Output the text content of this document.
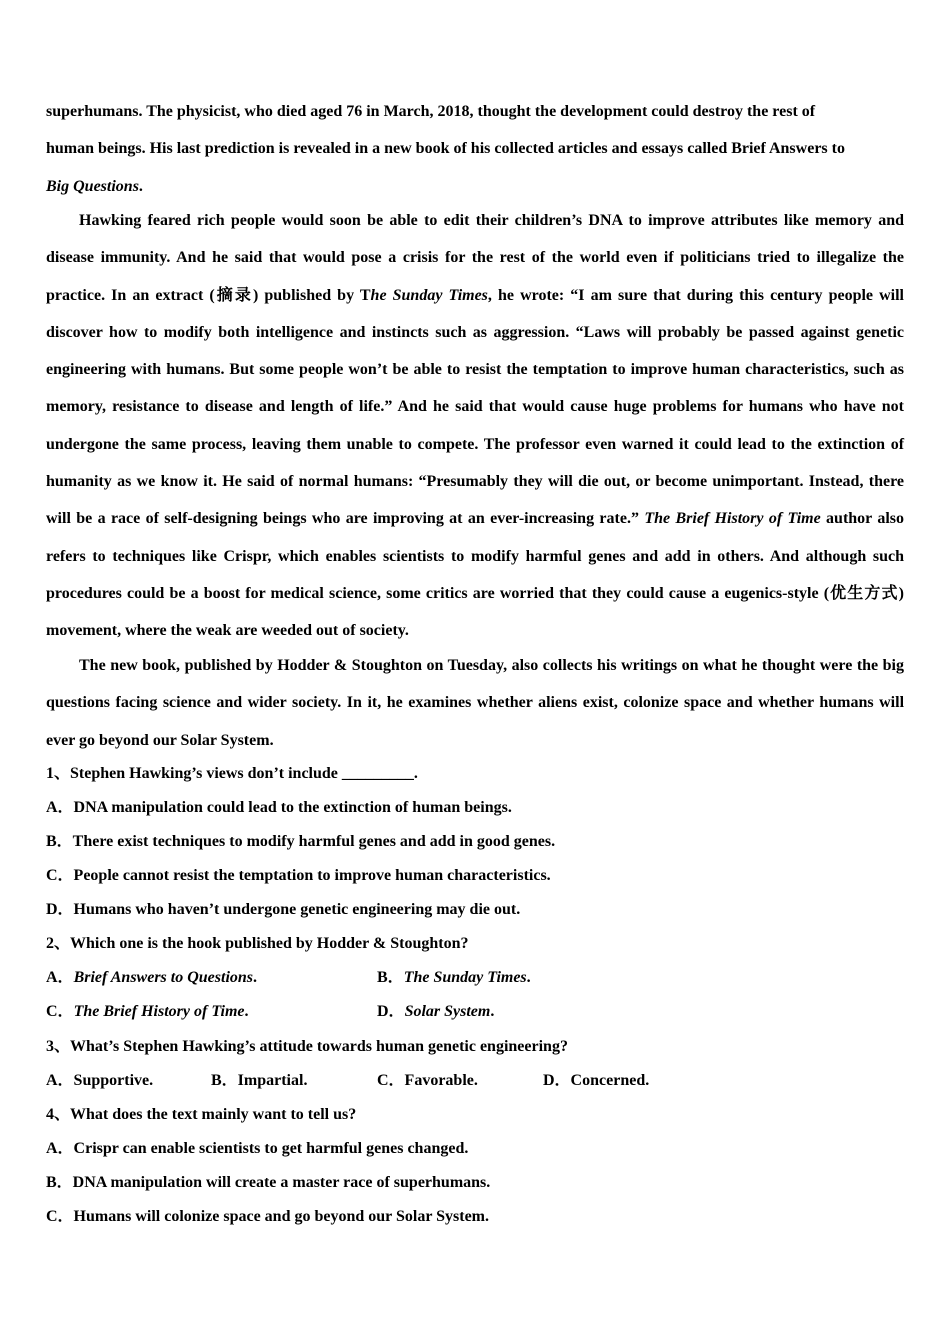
superhumans. The physicist, who died aged 76 in March, 2018, thought the development could destroy the rest of
human beings. His last prediction is revealed in a new book of his collected articles and essays called Brief Answers to
Big Questions.

Hawking feared rich people would soon be able to edit their children’s DNA to improve attributes like memory and disease immunity. And he said that would pose a crisis for the rest of the world even if politicians tried to illegalize the practice. In an extract (摘录) published by The Sunday Times, he wrote: “I am sure that during this century people will discover how to modify both intelligence and instincts such as aggression. “Laws will probably be passed against genetic engineering with humans. But some people won’t be able to resist the temptation to improve human characteristics, such as memory, resistance to disease and length of life.” And he said that would cause huge problems for humans who have not undergone the same process, leaving them unable to compete. The professor even warned it could lead to the extinction of humanity as we know it. He said of normal humans: “Presumably they will die out, or become unimportant. Instead, there will be a race of self-designing beings who are improving at an ever-increasing rate.” The Brief History of Time author also refers to techniques like Crispr, which enables scientists to modify harmful genes and add in others. And although such procedures could be a boost for medical science, some critics are worried that they could cause a eugenics-style (优生方式) movement, where the weak are weeded out of society.

The new book, published by Hodder & Stoughton on Tuesday, also collects his writings on what he thought were the big questions facing science and wider society. In it, he examines whether aliens exist, colonize space and whether humans will ever go beyond our Solar System.

1、Stephen Hawking’s views don’t include _________.
A．DNA manipulation could lead to the extinction of human beings.
B．There exist techniques to modify harmful genes and add in good genes.
C．People cannot resist the temptation to improve human characteristics.
D．Humans who haven’t undergone genetic engineering may die out.
2、Which one is the hook published by Hodder & Stoughton?
A．Brief Answers to Questions.	B．The Sunday Times.
C．The Brief History of Time.	D．Solar System.
3、What’s Stephen Hawking’s attitude towards human genetic engineering?
A．Supportive.	B．Impartial.	C．Favorable.	D．Concerned.
4、What does the text mainly want to tell us?
A．Crispr can enable scientists to get harmful genes changed.
B．DNA manipulation will create a master race of superhumans.
C．Humans will colonize space and go beyond our Solar System.
